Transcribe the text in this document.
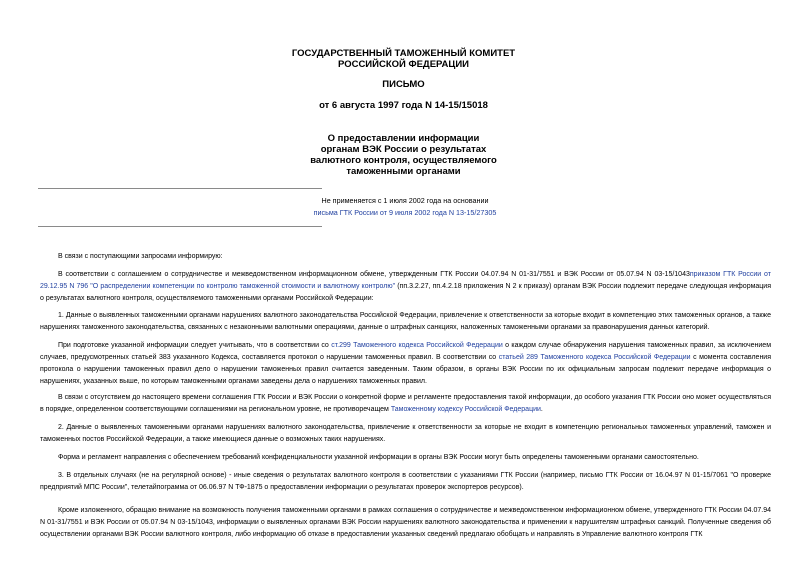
ГОСУДАРСТВЕННЫЙ ТАМОЖЕННЫЙ КОМИТЕТ
РОССИЙСКОЙ ФЕДЕРАЦИИ
ПИСЬМО
от 6 августа 1997 года N 14-15/15018
О предоставлении информации
органам ВЭК России о результатах
валютного контроля, осуществляемого
таможенными органами
Не применяется с 1 июля 2002 года на основании
письма ГТК России от 9 июля 2002 года N 13-15/27305
В связи с поступающими запросами информирую:
В соответствии с соглашением о сотрудничестве и межведомственном информационном обмене, утвержденным ГТК России 04.07.94 N 01-31/7551 и ВЭК России от 05.07.94 N 03-15/1043приказом ГТК России от 29.12.95 N 796 "О распределении компетенции по контролю таможенной стоимости и валютному контролю" (пп.3.2.27, пп.4.2.18 приложения N 2 к приказу) органам ВЭК России подлежит передаче следующая информация о результатах валютного контроля, осуществляемого таможенными органами Российской Федерации:
1. Данные о выявленных таможенными органами нарушениях валютного законодательства Российской Федерации, привлечение к ответственности за которые входит в компетенцию этих таможенных органов, а также нарушениях таможенного законодательства, связанных с незаконными валютными операциями, данные о штрафных санкциях, наложенных таможенными органами за правонарушения данных категорий.
При подготовке указанной информации следует учитывать, что в соответствии со ст.299 Таможенного кодекса Российской Федерации о каждом случае обнаружения нарушения таможенных правил, за исключением случаев, предусмотренных статьей 383 указанного Кодекса, составляется протокол о нарушении таможенных правил. В соответствии со статьей 289 Таможенного кодекса Российской Федерации с момента составления протокола о нарушении таможенных правил дело о нарушении таможенных правил считается заведенным. Таким образом, в органы ВЭК России по их официальным запросам подлежит передаче информация о нарушениях, указанных выше, по которым таможенными органами заведены дела о нарушениях таможенных правил.
В связи с отсутствием до настоящего времени соглашения ГТК России и ВЭК России о конкретной форме и регламенте предоставления такой информации, до особого указания ГТК России оно может осуществляться в порядке, определенном соответствующими соглашениями на региональном уровне, не противоречащем Таможенному кодексу Российской Федерации.
2. Данные о выявленных таможенными органами нарушениях валютного законодательства, привлечение к ответственности за которые не входит в компетенцию региональных таможенных управлений, таможен и таможенных постов Российской Федерации, а также имеющиеся данные о возможных таких нарушениях.
Форма и регламент направления с обеспечением требований конфиденциальности указанной информации в органы ВЭК России могут быть определены таможенными органами самостоятельно.
3. В отдельных случаях (не на регулярной основе) - иные сведения о результатах валютного контроля в соответствии с указаниями ГТК России (например, письмо ГТК России от 16.04.97 N 01-15/7061 "О проверке предприятий МПС России", телетайпограмма от 06.06.97 N ТФ-1875 о предоставлении информации о результатах проверок экспортеров ресурсов).
Кроме изложенного, обращаю внимание на возможность получения таможенными органами в рамках соглашения о сотрудничестве и межведомственном информационном обмене, утвержденного ГТК России 04.07.94 N 01-31/7551 и ВЭК России от 05.07.94 N 03-15/1043, информации о выявленных органами ВЭК России нарушениях валютного законодательства и применении к нарушителям штрафных санкций. Полученные сведения об осуществлении органами ВЭК России валютного контроля, либо информацию об отказе в предоставлении указанных сведений предлагаю обобщать и направлять в Управление валютного контроля ГТК
